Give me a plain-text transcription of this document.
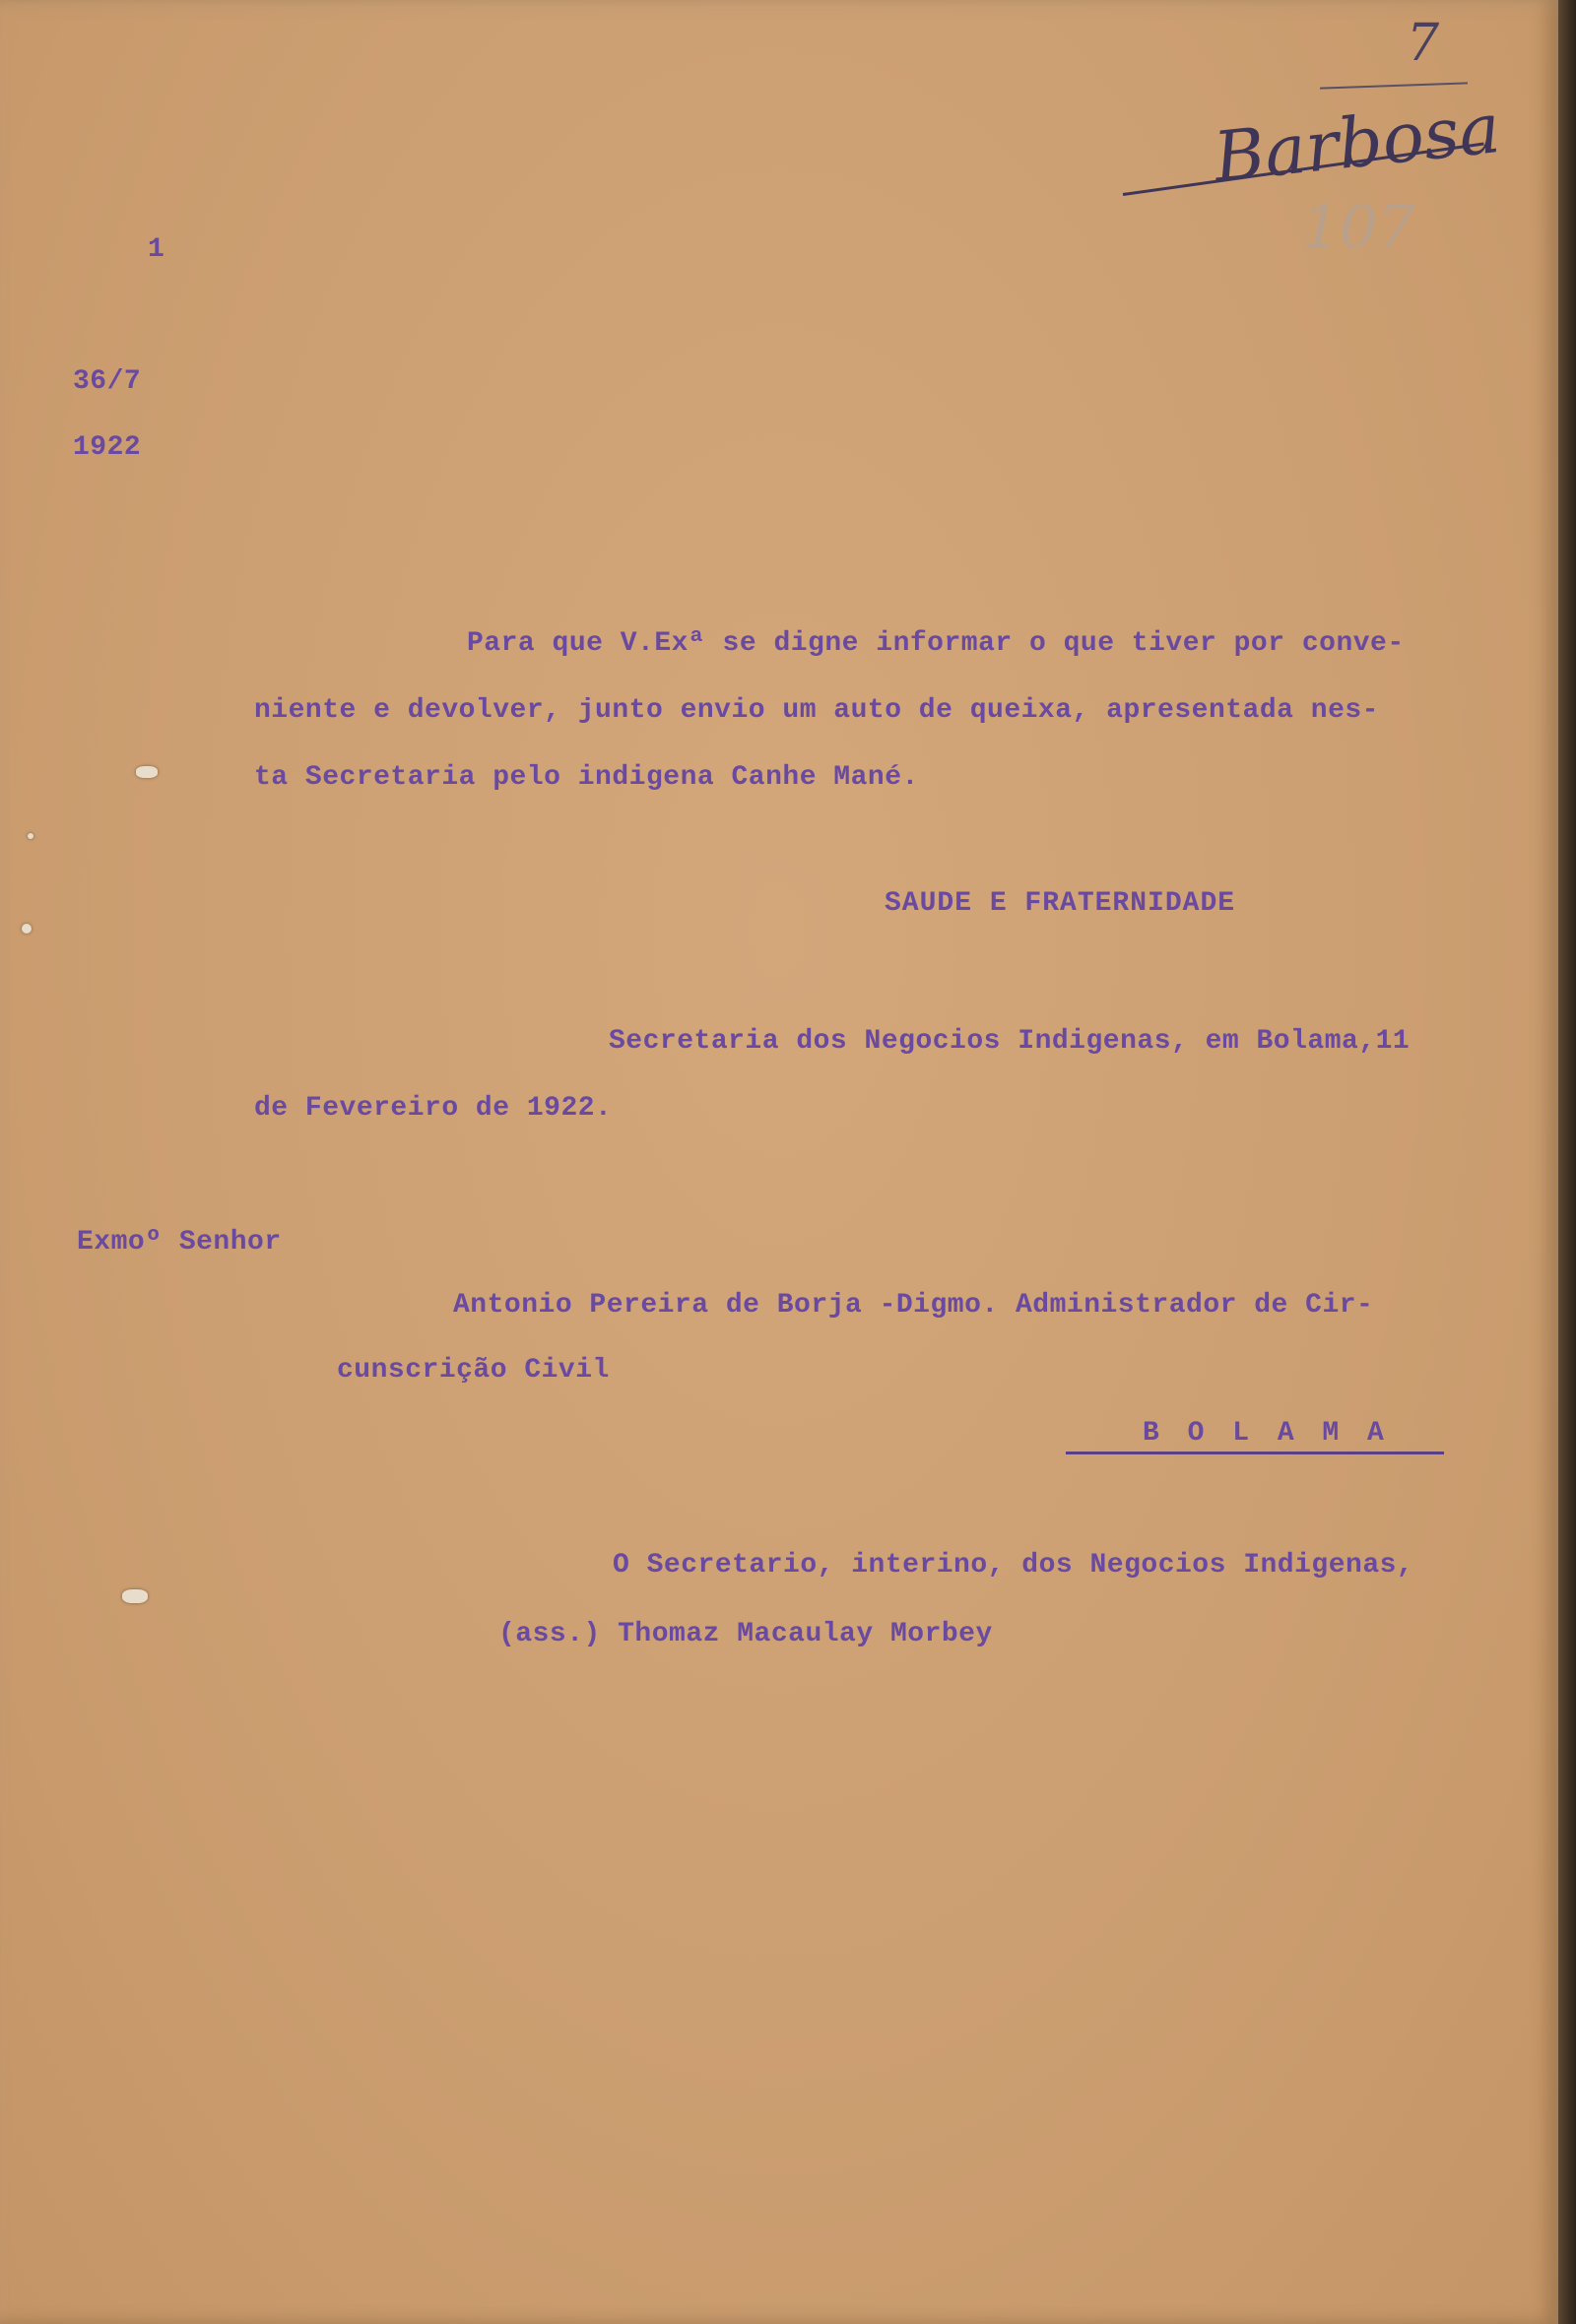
7
Barbosa
107
1
36/7
1922
Para que V.Exª se digne informar o que tiver por conve-
niente e devolver, junto envio um auto de queixa, apresentada nes-
ta Secretaria pelo indigena Canhe Mané.
SAUDE E FRATERNIDADE
Secretaria dos Negocios Indigenas, em Bolama,11
de Fevereiro de 1922.
Exmoº Senhor
Antonio Pereira de Borja -Digmo. Administrador de Cir-
cunscrição Civil
B O L A M A
O Secretario, interino, dos Negocios Indigenas,
(ass.) Thomaz Macaulay Morbey
